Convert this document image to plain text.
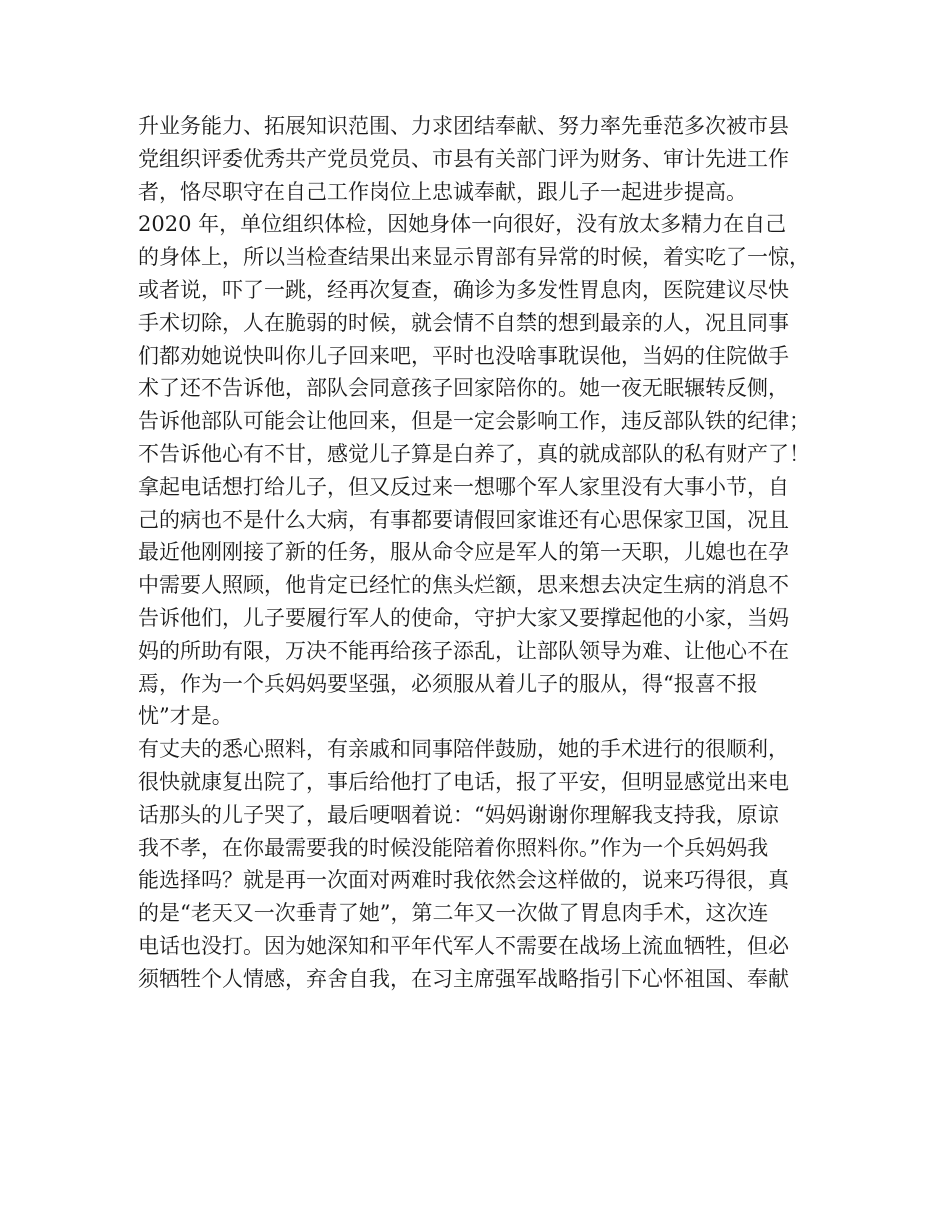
升业务能力、拓展知识范围、力求团结奉献、努力率先垂范多次被市县
党组织评委优秀共产党员党员、市县有关部门评为财务、审计先进工作
者，恪尽职守在自己工作岗位上忠诚奉献，跟儿子一起进步提高。
2020 年，单位组织体检，因她身体一向很好，没有放太多精力在自己
的身体上，所以当检查结果出来显示胃部有异常的时候，着实吃了一惊，
或者说，吓了一跳，经再次复查，确诊为多发性胃息肉，医院建议尽快
手术切除，人在脆弱的时候，就会情不自禁的想到最亲的人，况且同事
们都劝她说快叫你儿子回来吧，平时也没啥事耽误他，当妈的住院做手
术了还不告诉他，部队会同意孩子回家陪你的。她一夜无眠辗转反侧，
告诉他部队可能会让他回来，但是一定会影响工作，违反部队铁的纪律；
不告诉他心有不甘，感觉儿子算是白养了，真的就成部队的私有财产了！
拿起电话想打给儿子，但又反过来一想哪个军人家里没有大事小节，自
己的病也不是什么大病，有事都要请假回家谁还有心思保家卫国，况且
最近他刚刚接了新的任务，服从命令应是军人的第一天职，儿媳也在孕
中需要人照顾，他肯定已经忙的焦头烂额，思来想去决定生病的消息不
告诉他们，儿子要履行军人的使命，守护大家又要撑起他的小家，当妈
妈的所助有限，万决不能再给孩子添乱，让部队领导为难、让他心不在
焉，作为一个兵妈妈要坚强，必须服从着儿子的服从，得“报喜不报
忧”才是。
有丈夫的悉心照料，有亲戚和同事陪伴鼓励，她的手术进行的很顺利，
很快就康复出院了，事后给他打了电话，报了平安，但明显感觉出来电
话那头的儿子哭了，最后哽咽着说：“妈妈谢谢你理解我支持我，原谅
我不孝，在你最需要我的时候没能陪着你照料你。”作为一个兵妈妈我
能选择吗？就是再一次面对两难时我依然会这样做的，说来巧得很，真
的是“老天又一次垂青了她”，第二年又一次做了胃息肉手术，这次连
电话也没打。因为她深知和平年代军人不需要在战场上流血牺牲，但必
须牺牲个人情感，弃舍自我，在习主席强军战略指引下心怀祖国、奉献
